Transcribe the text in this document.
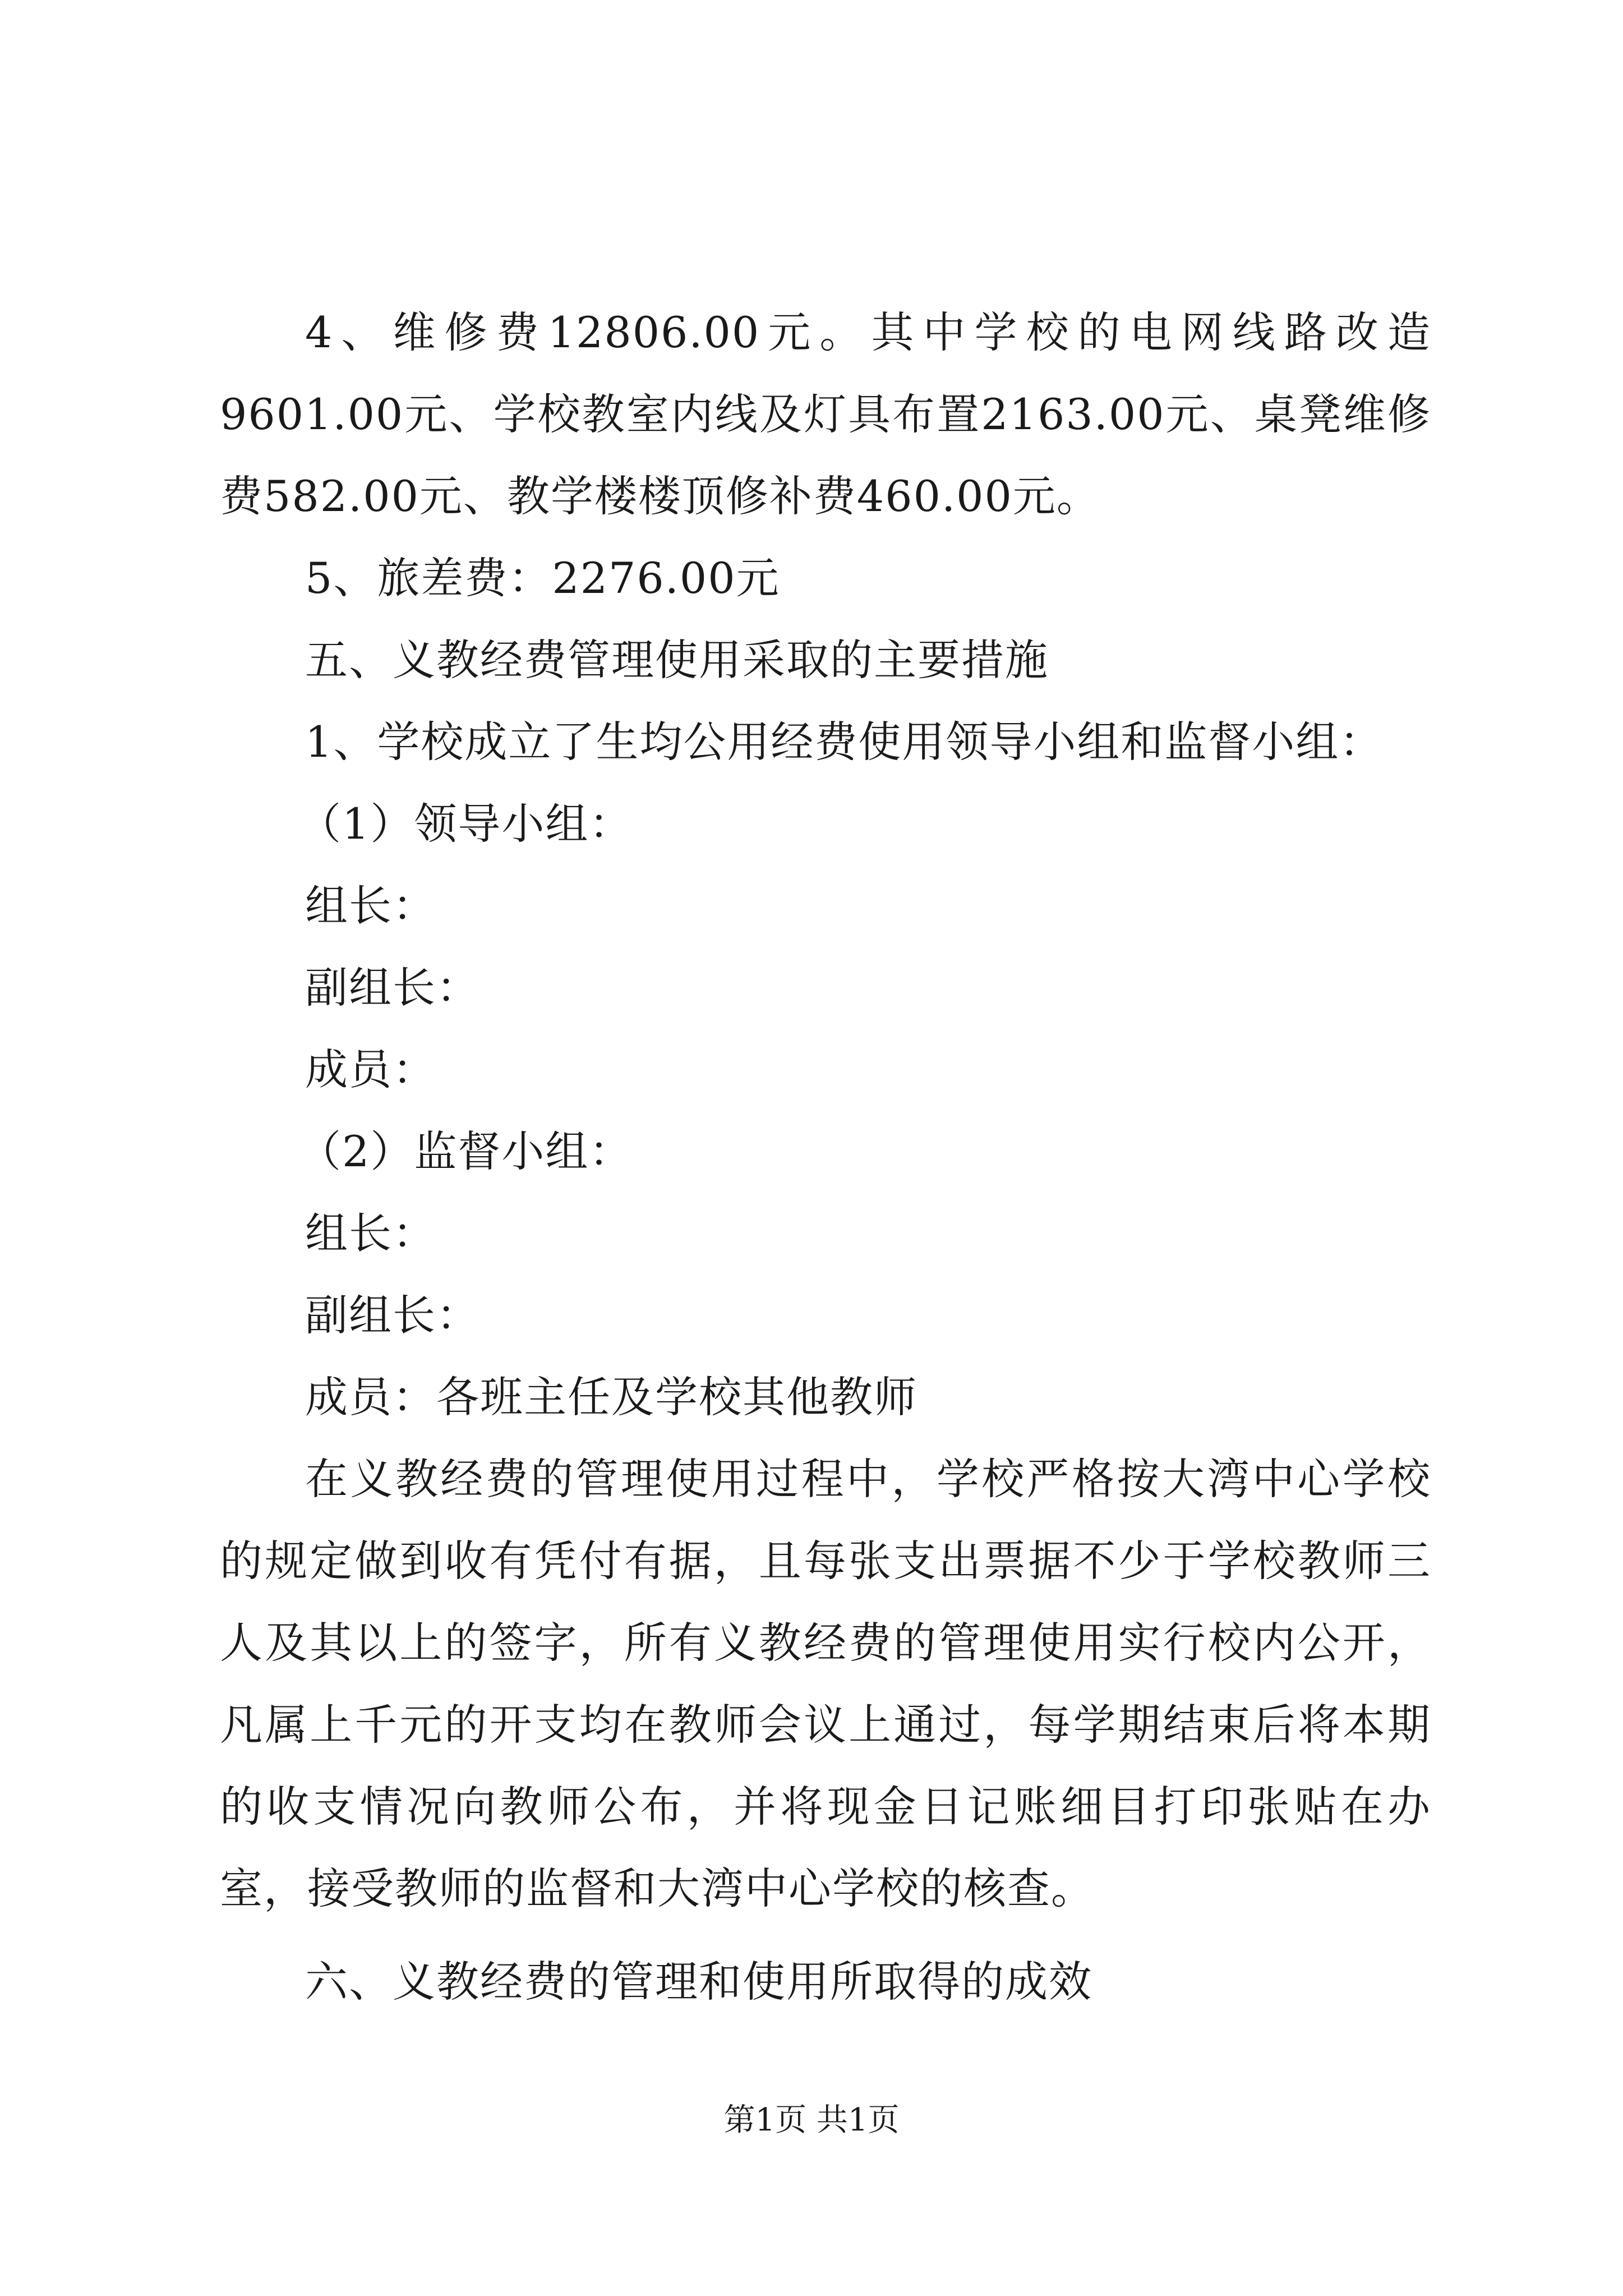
4、维修费12806.00元。其中学校的电网线路改造9601.00元、学校教室内线及灯具布置2163.00元、桌凳维修费582.00元、教学楼楼顶修补费460.00元。

5、旅差费：2276.00元

五、义教经费管理使用采取的主要措施

1、学校成立了生均公用经费使用领导小组和监督小组：

（1）领导小组：

组长：

副组长：

成员：

（2）监督小组：

组长：

副组长：

成员：各班主任及学校其他教师

在义教经费的管理使用过程中，学校严格按大湾中心学校的规定做到收有凭付有据，且每张支出票据不少于学校教师三人及其以上的签字，所有义教经费的管理使用实行校内公开，凡属上千元的开支均在教师会议上通过，每学期结束后将本期的收支情况向教师公布，并将现金日记账细目打印张贴在办室，接受教师的监督和大湾中心学校的核查。

六、义教经费的管理和使用所取得的成效

第1页 共1页
